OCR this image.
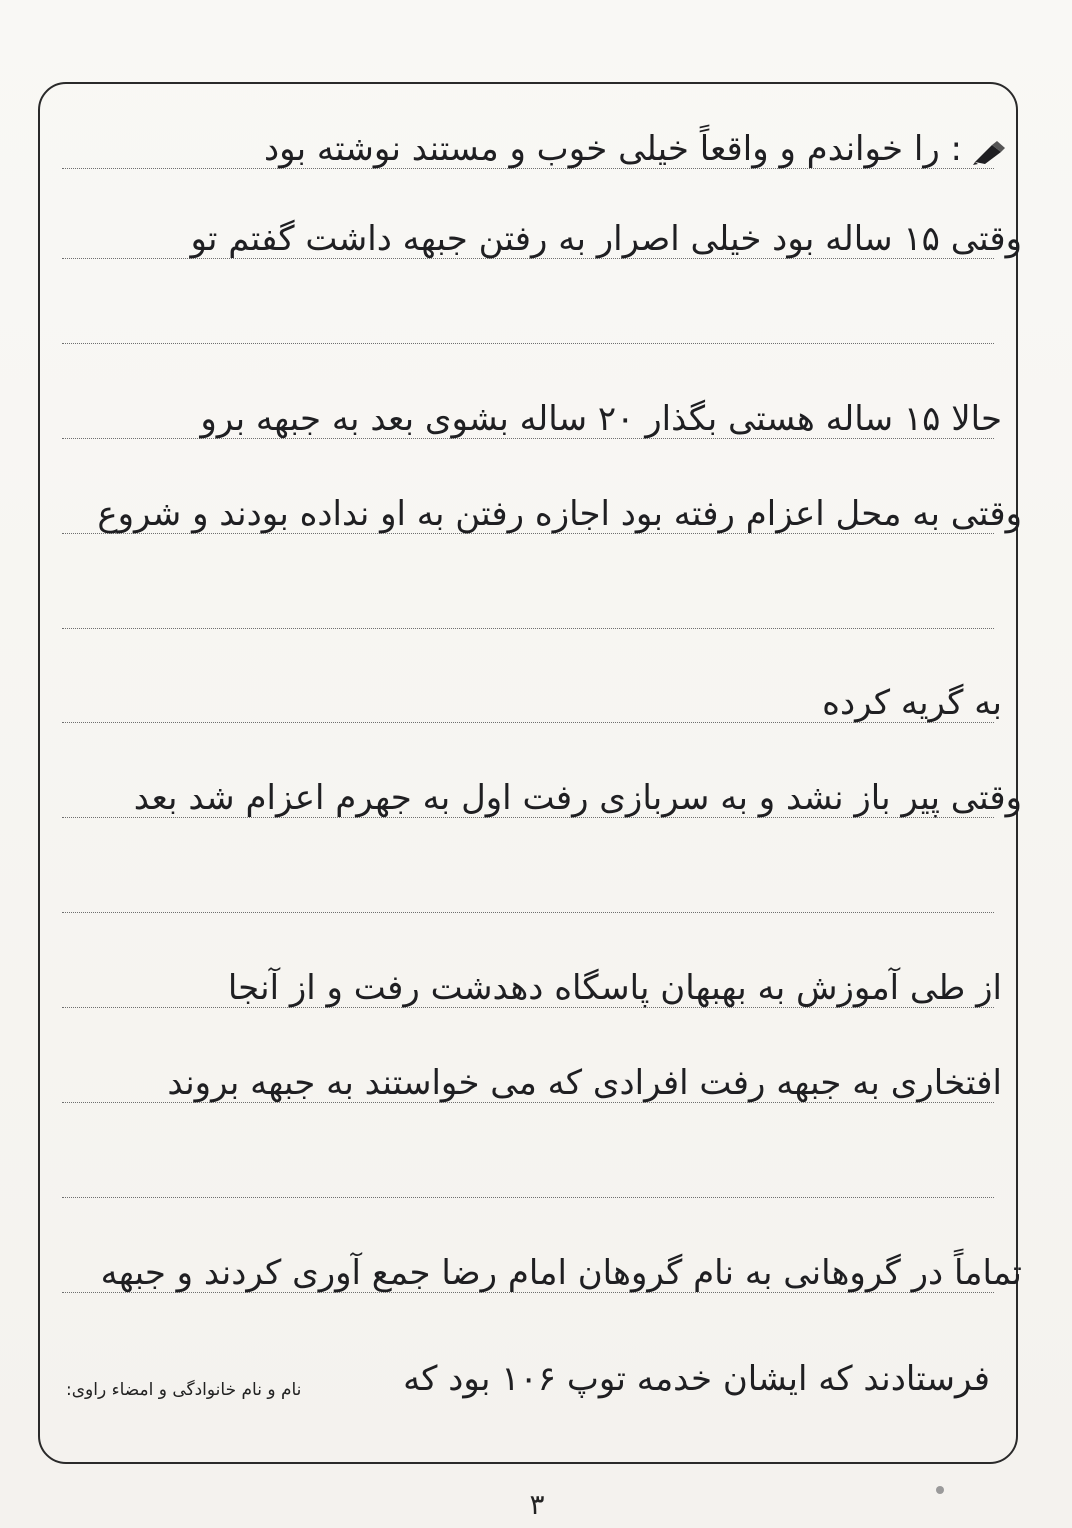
: را خواندم و واقعاً خیلی خوب و مستند نوشته بود
وقتی ۱۵ ساله بود خیلی اصرار به رفتن جبهه داشت گفتم تو
حالا ۱۵ ساله هستی بگذار ۲۰ ساله بشوی بعد به جبهه برو
وقتی به محل اعزام رفته بود اجازه رفتن به او نداده بودند و شروع
به گریه کرده
وقتی پیر باز نشد و به سربازی رفت اول به جهرم اعزام شد بعد
از طی آموزش به بهبهان پاسگاه دهدشت رفت و از آنجا
افتخاری به جبهه رفت افرادی که می خواستند به جبهه بروند
تماماً در گروهانی به نام گروهان امام رضا جمع آوری کردند و جبهه
فرستادند که ایشان خدمه توپ ۱۰۶ بود که
نام و نام خانوادگی و امضاء راوی:
۳
